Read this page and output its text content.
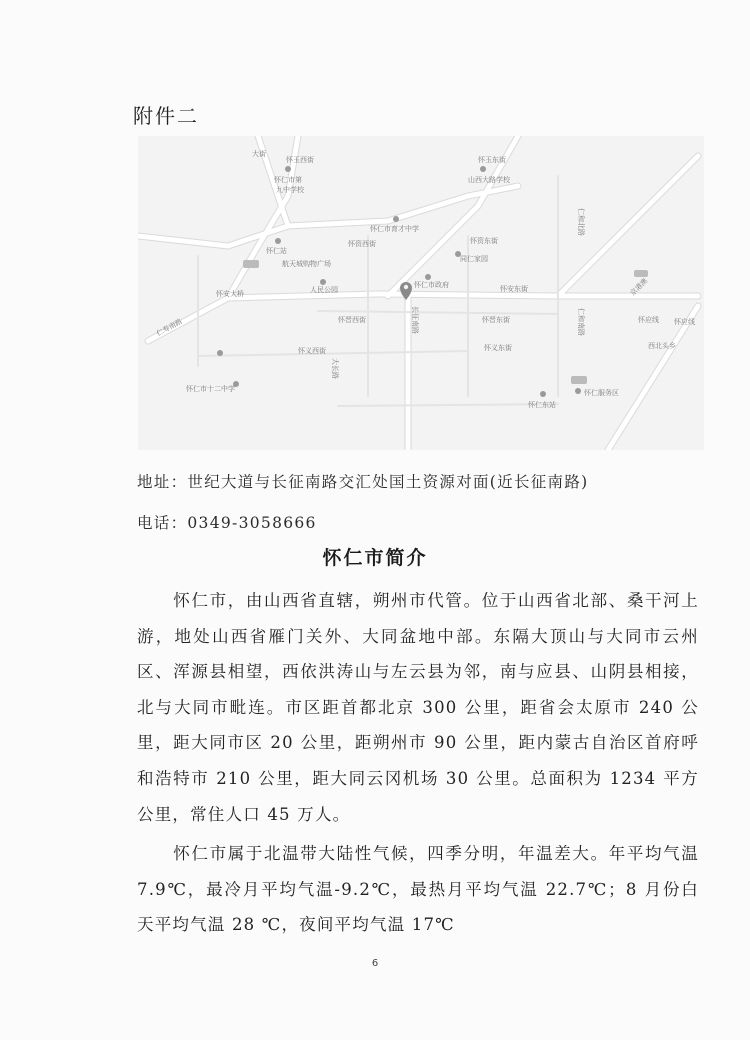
附件二
大街
怀玉西街	怀玉东街
怀仁市第
九中学校
山西大路学校
怀仁市育才中学
怀资西街	怀资东街
怀仁站
同仁家园
航天城购物广场
人民公园
怀仁市政府
怀安大桥
怀安东街
怀晋西街	怀晋东街	怀应线 怀应线
西北头乡
怀义西街	怀义东街
怀仁市十二中学	怀仁服务区
怀仁东站
仁和北路
仁和南路
长征南路
大长路
仁寿南路
京港澳
地址：世纪大道与长征南路交汇处国土资源对面(近长征南路)
电话：0349-3058666
怀仁市简介

怀仁市，由山西省直辖，朔州市代管。位于山西省北部、桑干河上游，地处山西省雁门关外、大同盆地中部。东隔大顶山与大同市云州区、浑源县相望，西依洪涛山与左云县为邻，南与应县、山阴县相接，北与大同市毗连。市区距首都北京 300 公里，距省会太原市 240 公里，距大同市区 20 公里，距朔州市 90 公里，距内蒙古自治区首府呼和浩特市 210 公里，距大同云冈机场 30 公里。总面积为 1234 平方公里，常住人口 45 万人。

怀仁市属于北温带大陆性气候，四季分明，年温差大。年平均气温 7.9℃，最冷月平均气温-9.2℃，最热月平均气温 22.7℃；8 月份白天平均气温 28 ℃，夜间平均气温 17℃

6
